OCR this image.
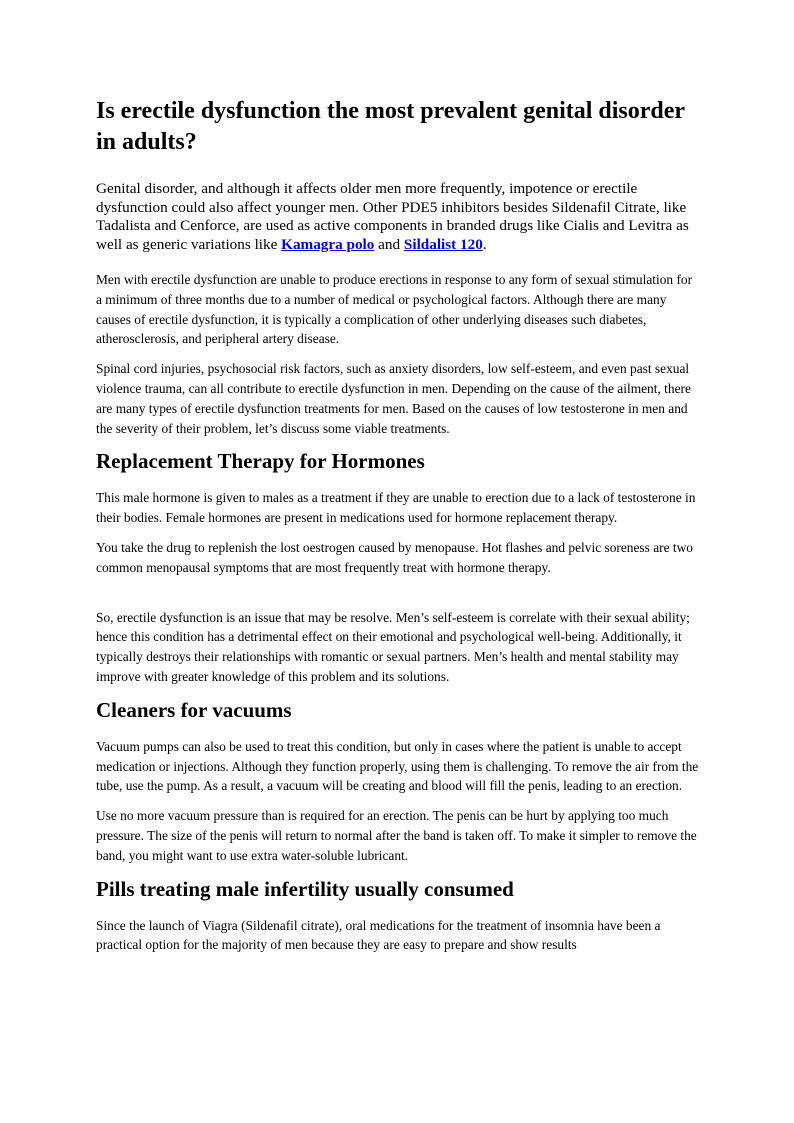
Is erectile dysfunction the most prevalent genital disorder in adults?

Genital disorder, and although it affects older men more frequently, impotence or erectile dysfunction could also affect younger men. Other PDE5 inhibitors besides Sildenafil Citrate, like Tadalista and Cenforce, are used as active components in branded drugs like Cialis and Levitra as well as generic variations like Kamagra polo and Sildalist 120.

Men with erectile dysfunction are unable to produce erections in response to any form of sexual stimulation for a minimum of three months due to a number of medical or psychological factors. Although there are many causes of erectile dysfunction, it is typically a complication of other underlying diseases such diabetes, atherosclerosis, and peripheral artery disease.

Spinal cord injuries, psychosocial risk factors, such as anxiety disorders, low self-esteem, and even past sexual violence trauma, can all contribute to erectile dysfunction in men. Depending on the cause of the ailment, there are many types of erectile dysfunction treatments for men. Based on the causes of low testosterone in men and the severity of their problem, let’s discuss some viable treatments.

Replacement Therapy for Hormones

This male hormone is given to males as a treatment if they are unable to erection due to a lack of testosterone in their bodies. Female hormones are present in medications used for hormone replacement therapy.

You take the drug to replenish the lost oestrogen caused by menopause. Hot flashes and pelvic soreness are two common menopausal symptoms that are most frequently treat with hormone therapy.

So, erectile dysfunction is an issue that may be resolve. Men’s self-esteem is correlate with their sexual ability; hence this condition has a detrimental effect on their emotional and psychological well-being. Additionally, it typically destroys their relationships with romantic or sexual partners. Men’s health and mental stability may improve with greater knowledge of this problem and its solutions.

Cleaners for vacuums

Vacuum pumps can also be used to treat this condition, but only in cases where the patient is unable to accept medication or injections. Although they function properly, using them is challenging. To remove the air from the tube, use the pump. As a result, a vacuum will be creating and blood will fill the penis, leading to an erection.

Use no more vacuum pressure than is required for an erection. The penis can be hurt by applying too much pressure. The size of the penis will return to normal after the band is taken off. To make it simpler to remove the band, you might want to use extra water-soluble lubricant.

Pills treating male infertility usually consumed

Since the launch of Viagra (Sildenafil citrate), oral medications for the treatment of insomnia have been a practical option for the majority of men because they are easy to prepare and show results
